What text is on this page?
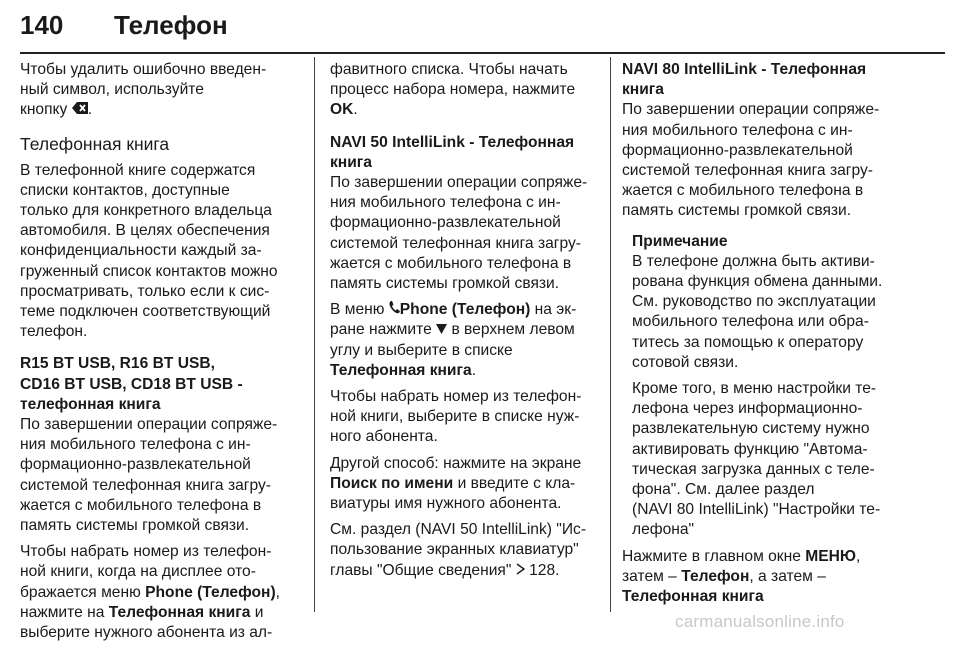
140 Телефон

Чтобы удалить ошибочно введен-
ный символ, используйте
кнопку .

Телефонная книга

В телефонной книге содержатся
списки контактов, доступные
только для конкретного владельца
автомобиля. В целях обеспечения
конфиденциальности каждый за-
груженный список контактов можно
просматривать, только если к сис-
теме подключен соответствующий
телефон.

R15 BT USB, R16 BT USB,
CD16 BT USB, CD18 BT USB -
телефонная книга
По завершении операции сопряже-
ния мобильного телефона с ин-
формационно-развлекательной
системой телефонная книга загру-
жается с мобильного телефона в
память системы громкой связи.

Чтобы набрать номер из телефон-
ной книги, когда на дисплее ото-
бражается меню Phone (Телефон),
нажмите на Телефонная книга и
выберите нужного абонента из ал-

фавитного списка. Чтобы начать
процесс набора номера, нажмите
OK.

NAVI 50 IntelliLink - Телефонная
книга
По завершении операции сопряже-
ния мобильного телефона с ин-
формационно-развлекательной
системой телефонная книга загру-
жается с мобильного телефона в
память системы громкой связи.

В меню Phone (Телефон) на эк-
ране нажмите в верхнем левом
углу и выберите в списке
Телефонная книга.

Чтобы набрать номер из телефон-
ной книги, выберите в списке нуж-
ного абонента.

Другой способ: нажмите на экране
Поиск по имени и введите с кла-
виатуры имя нужного абонента.

См. раздел (NAVI 50 IntelliLink) "Ис-
пользование экранных клавиатур"
главы "Общие сведения" 128.

NAVI 80 IntelliLink - Телефонная
книга
По завершении операции сопряже-
ния мобильного телефона с ин-
формационно-развлекательной
системой телефонная книга загру-
жается с мобильного телефона в
память системы громкой связи.

Примечание
В телефоне должна быть активи-
рована функция обмена данными.
См. руководство по эксплуатации
мобильного телефона или обра-
титесь за помощью к оператору
сотовой связи.

Кроме того, в меню настройки те-
лефона через информационно-
развлекательную систему нужно
активировать функцию "Автома-
тическая загрузка данных с теле-
фона". См. далее раздел
(NAVI 80 IntelliLink) "Настройки те-
лефона"

Нажмите в главном окне МЕНЮ,
затем – Телефон, а затем –
Телефонная книга

carmanualsonline.info
